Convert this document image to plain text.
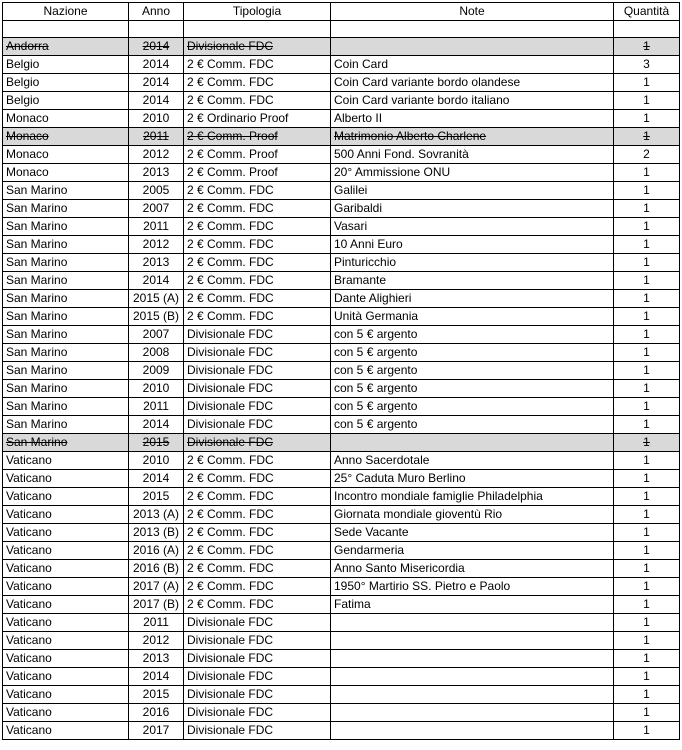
Nazione	Anno	Tipologia	Note	Quantità

Andorra	2014	Divisionale FDC		1
Belgio	2014	2 € Comm. FDC	Coin Card	3
Belgio	2014	2 € Comm. FDC	Coin Card variante bordo olandese	1
Belgio	2014	2 € Comm. FDC	Coin Card variante bordo italiano	1
Monaco	2010	2 € Ordinario Proof	Alberto II	1
Monaco	2011	2 € Comm. Proof	Matrimonio Alberto Charlene	1
Monaco	2012	2 € Comm. Proof	500 Anni Fond. Sovranità	2
Monaco	2013	2 € Comm. Proof	20° Ammissione ONU	1
San Marino	2005	2 € Comm. FDC	Galilei	1
San Marino	2007	2 € Comm. FDC	Garibaldi	1
San Marino	2011	2 € Comm. FDC	Vasari	1
San Marino	2012	2 € Comm. FDC	10 Anni Euro	1
San Marino	2013	2 € Comm. FDC	Pinturicchio	1
San Marino	2014	2 € Comm. FDC	Bramante	1
San Marino	2015 (A)	2 € Comm. FDC	Dante Alighieri	1
San Marino	2015 (B)	2 € Comm. FDC	Unità Germania	1
San Marino	2007	Divisionale FDC	con 5 € argento	1
San Marino	2008	Divisionale FDC	con 5 € argento	1
San Marino	2009	Divisionale FDC	con 5 € argento	1
San Marino	2010	Divisionale FDC	con 5 € argento	1
San Marino	2011	Divisionale FDC	con 5 € argento	1
San Marino	2014	Divisionale FDC	con 5 € argento	1
San Marino	2015	Divisionale FDC		1
Vaticano	2010	2 € Comm. FDC	Anno Sacerdotale	1
Vaticano	2014	2 € Comm. FDC	25° Caduta Muro Berlino	1
Vaticano	2015	2 € Comm. FDC	Incontro mondiale famiglie Philadelphia	1
Vaticano	2013 (A)	2 € Comm. FDC	Giornata mondiale gioventù Rio	1
Vaticano	2013 (B)	2 € Comm. FDC	Sede Vacante	1
Vaticano	2016 (A)	2 € Comm. FDC	Gendarmeria	1
Vaticano	2016 (B)	2 € Comm. FDC	Anno Santo Misericordia	1
Vaticano	2017 (A)	2 € Comm. FDC	1950° Martirio SS. Pietro e Paolo	1
Vaticano	2017 (B)	2 € Comm. FDC	Fatima	1
Vaticano	2011	Divisionale FDC		1
Vaticano	2012	Divisionale FDC		1
Vaticano	2013	Divisionale FDC		1
Vaticano	2014	Divisionale FDC		1
Vaticano	2015	Divisionale FDC		1
Vaticano	2016	Divisionale FDC		1
Vaticano	2017	Divisionale FDC		1
